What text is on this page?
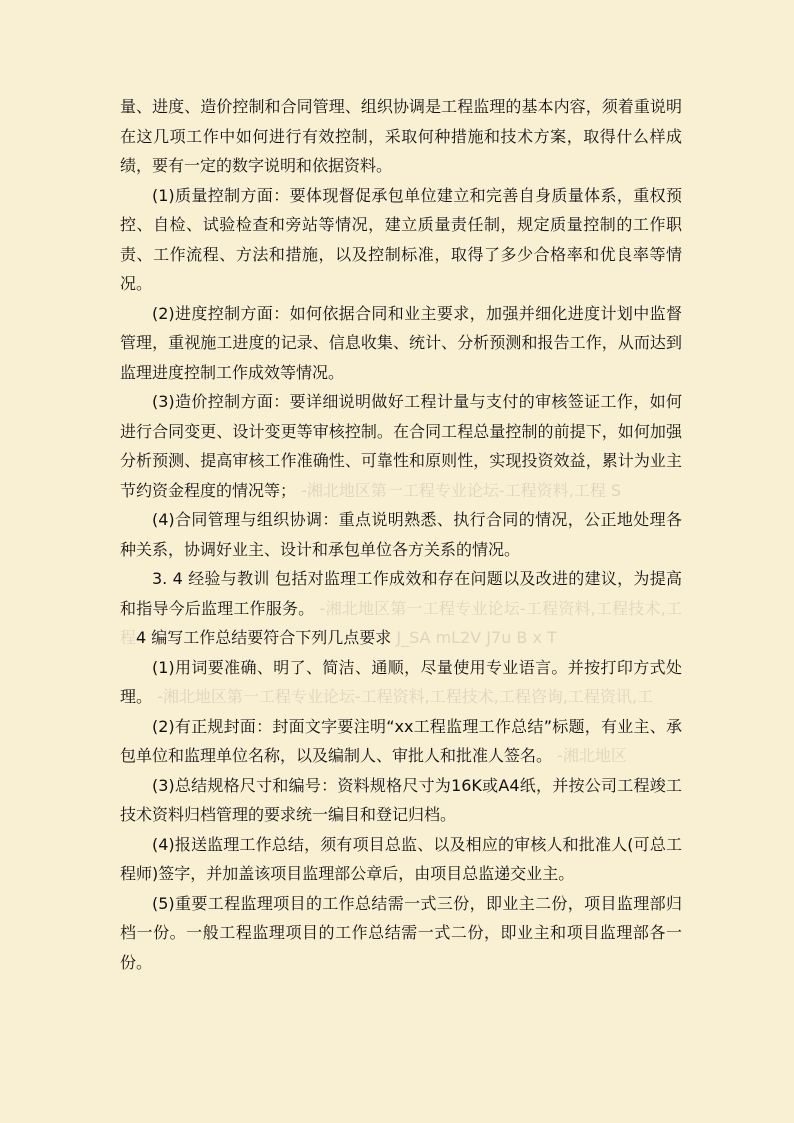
量、进度、造价控制和合同管理、组织协调是工程监理的基本内容，须着重说明在这几项工作中如何进行有效控制，采取何种措施和技术方案，取得什么样成绩，要有一定的数字说明和依据资料。

(1)质量控制方面：要体现督促承包单位建立和完善自身质量体系，重权预控、自检、试验检查和旁站等情况，建立质量责任制，规定质量控制的工作职责、工作流程、方法和措施，以及控制标准，取得了多少合格率和优良率等情况。

(2)进度控制方面：如何依据合同和业主要求，加强并细化进度计划中监督管理，重视施工进度的记录、信息收集、统计、分析预测和报告工作，从而达到监理进度控制工作成效等情况。

(3)造价控制方面：要详细说明做好工程计量与支付的审核签证工作，如何进行合同变更、设计变更等审核控制。在合同工程总量控制的前提下，如何加强分析预测、提高审核工作准确性、可靠性和原则性，实现投资效益，累计为业主节约资金程度的情况等； -湘北地区第一工程专业论坛-工程资料,工程 S

(4)合同管理与组织协调：重点说明熟悉、执行合同的情况，公正地处理各种关系，协调好业主、设计和承包单位各方关系的情况。

3. 4 经验与教训 包括对监理工作成效和存在问题以及改进的建议，为提高和指导今后监理工作服务。 -湘北地区第一工程专业论坛-工程资料,工程技术,工程4 编写工作总结要符合下列几点要求 J_SA mL2V J7u B x T

(1)用词要准确、明了、简洁、通顺，尽量使用专业语言。并按打印方式处理。 -湘北地区第一工程专业论坛-工程资料,工程技术,工程咨询,工程资讯,工

(2)有正规封面：封面文字要注明“xx工程监理工作总结”标题，有业主、承包单位和监理单位名称，以及编制人、审批人和批准人签名。 -湘北地区

(3)总结规格尺寸和编号：资料规格尺寸为16K或A4纸，并按公司工程竣工技术资料归档管理的要求统一编目和登记归档。

(4)报送监理工作总结，须有项目总监、以及相应的审核人和批准人(可总工程师)签字，并加盖该项目监理部公章后，由项目总监递交业主。

(5)重要工程监理项目的工作总结需一式三份，即业主二份，项目监理部归档一份。一般工程监理项目的工作总结需一式二份，即业主和项目监理部各一份。
